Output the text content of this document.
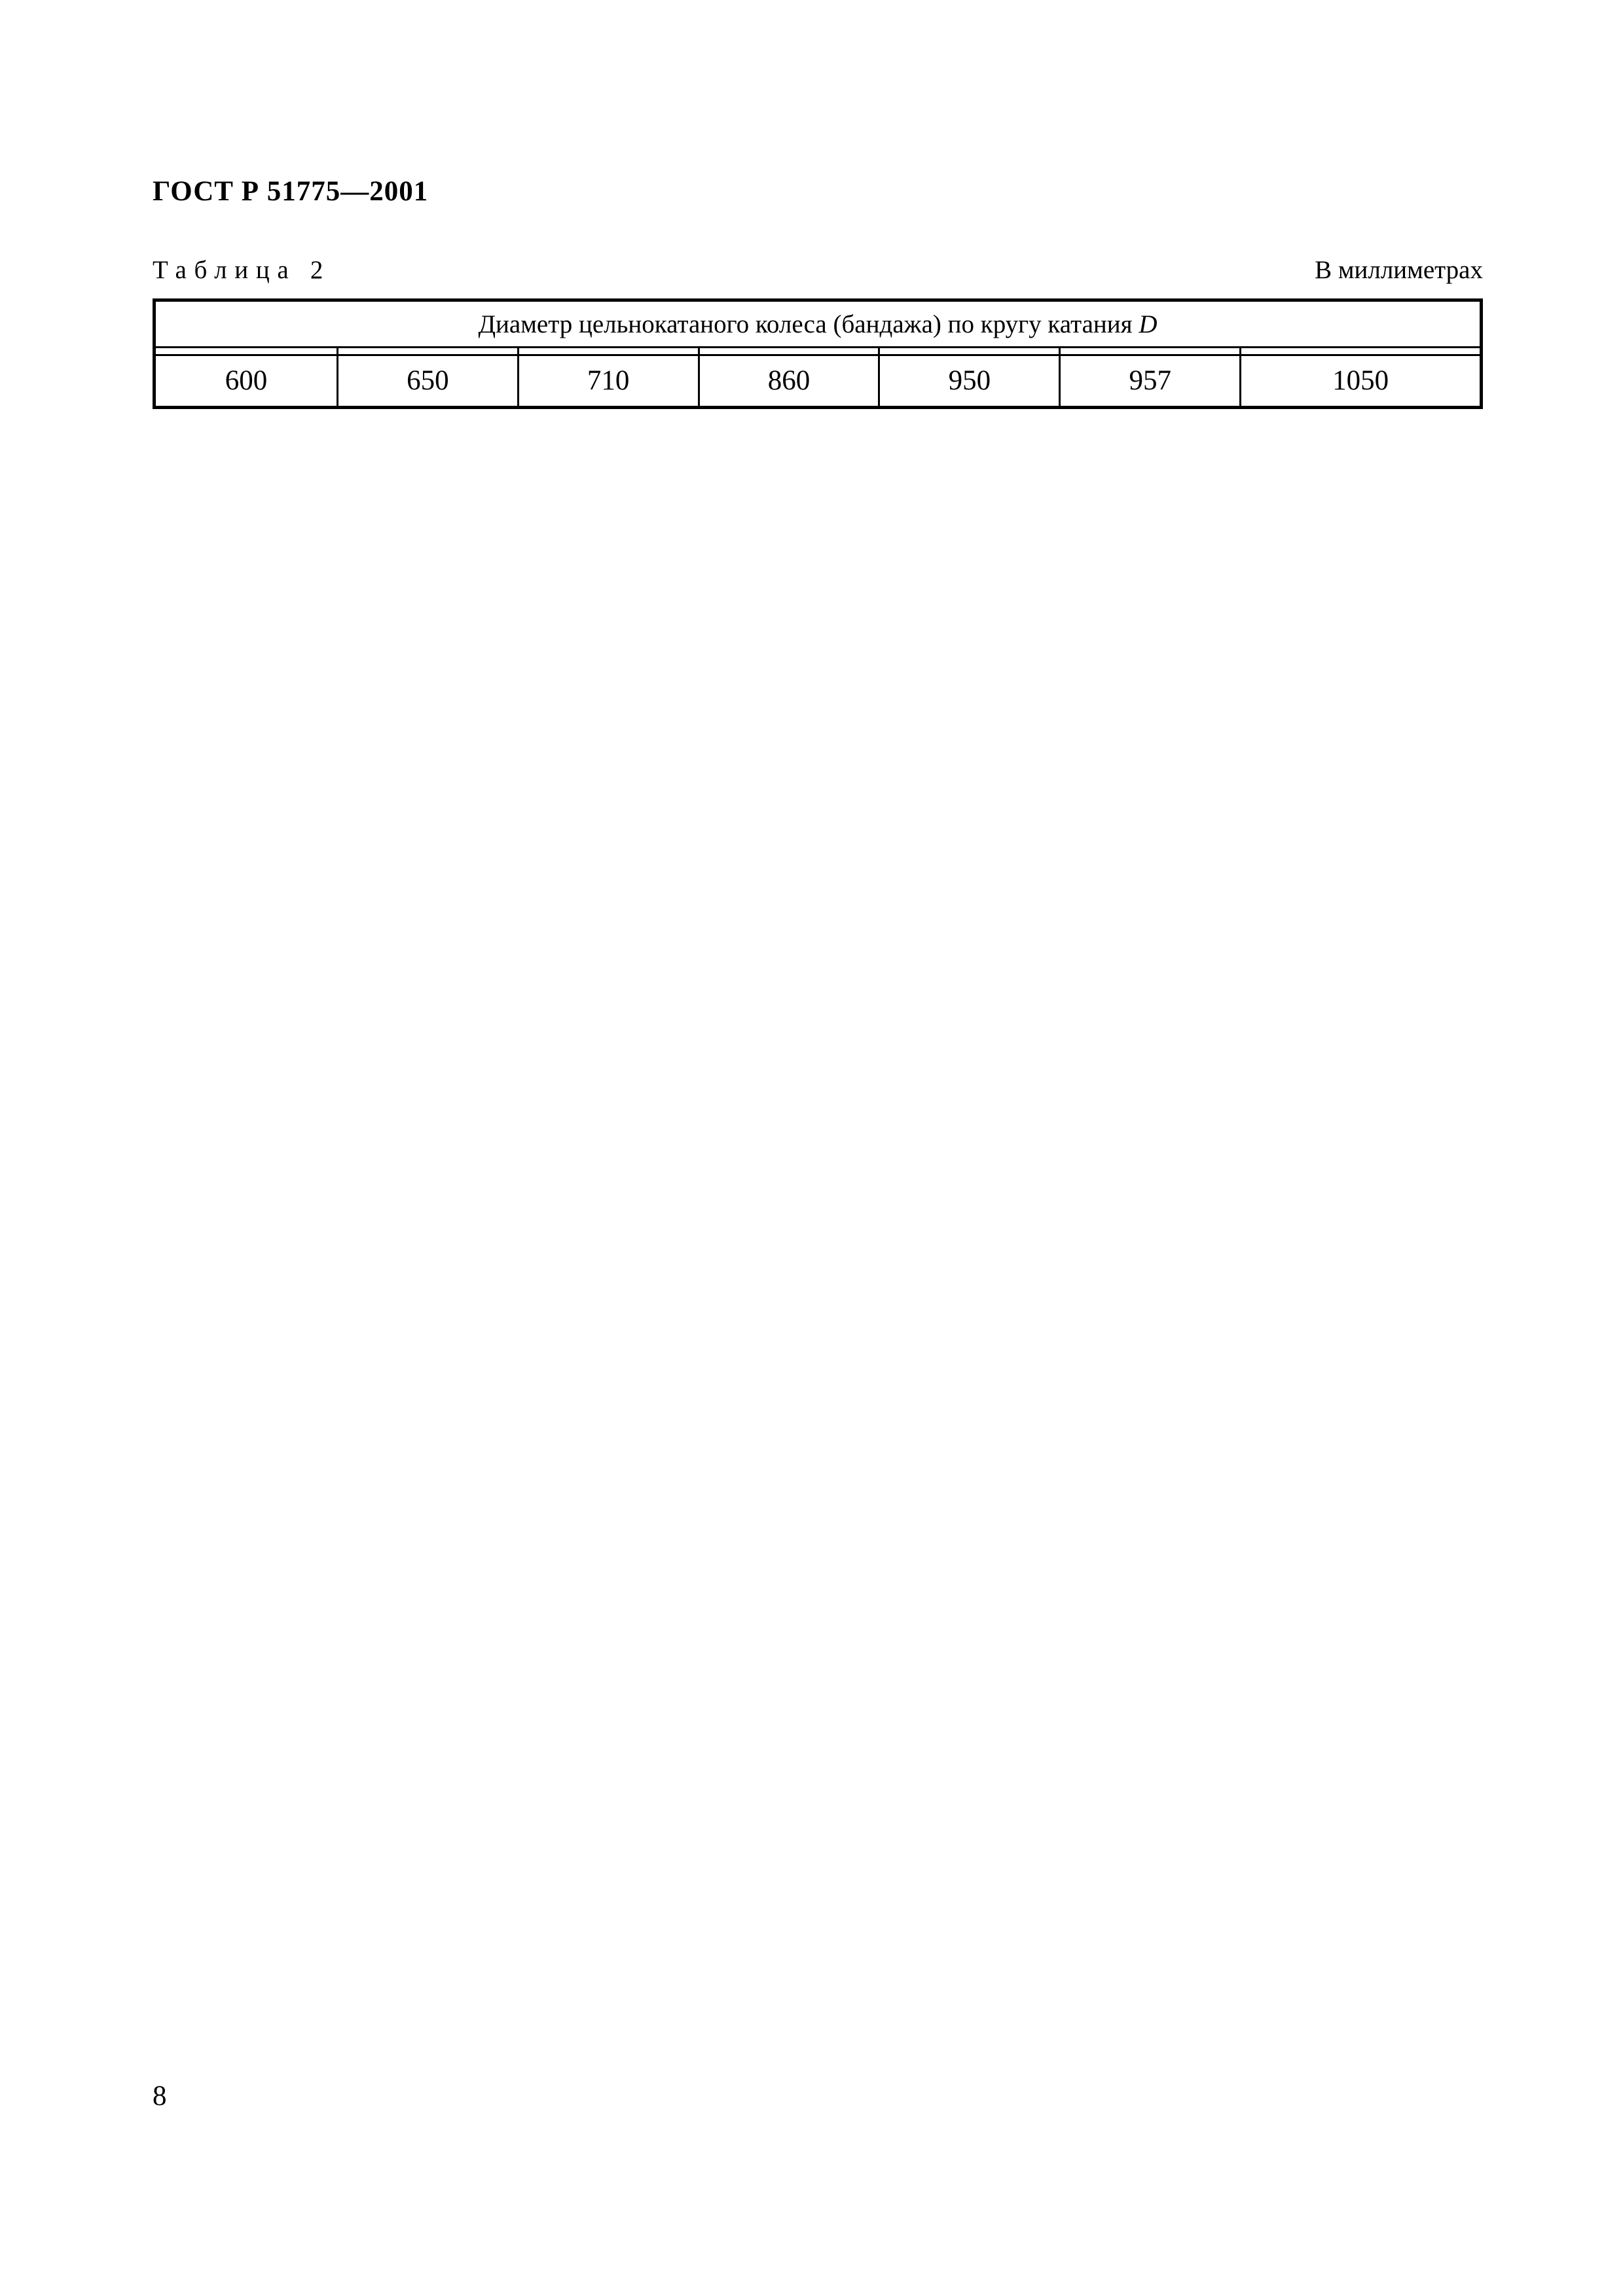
ГОСТ Р 51775—2001

Таблица 2	В миллиметрах
Диаметр цельнокатаного колеса (бандажа) по кругу катания D						

600	650	710	860	950	957	1050

8
